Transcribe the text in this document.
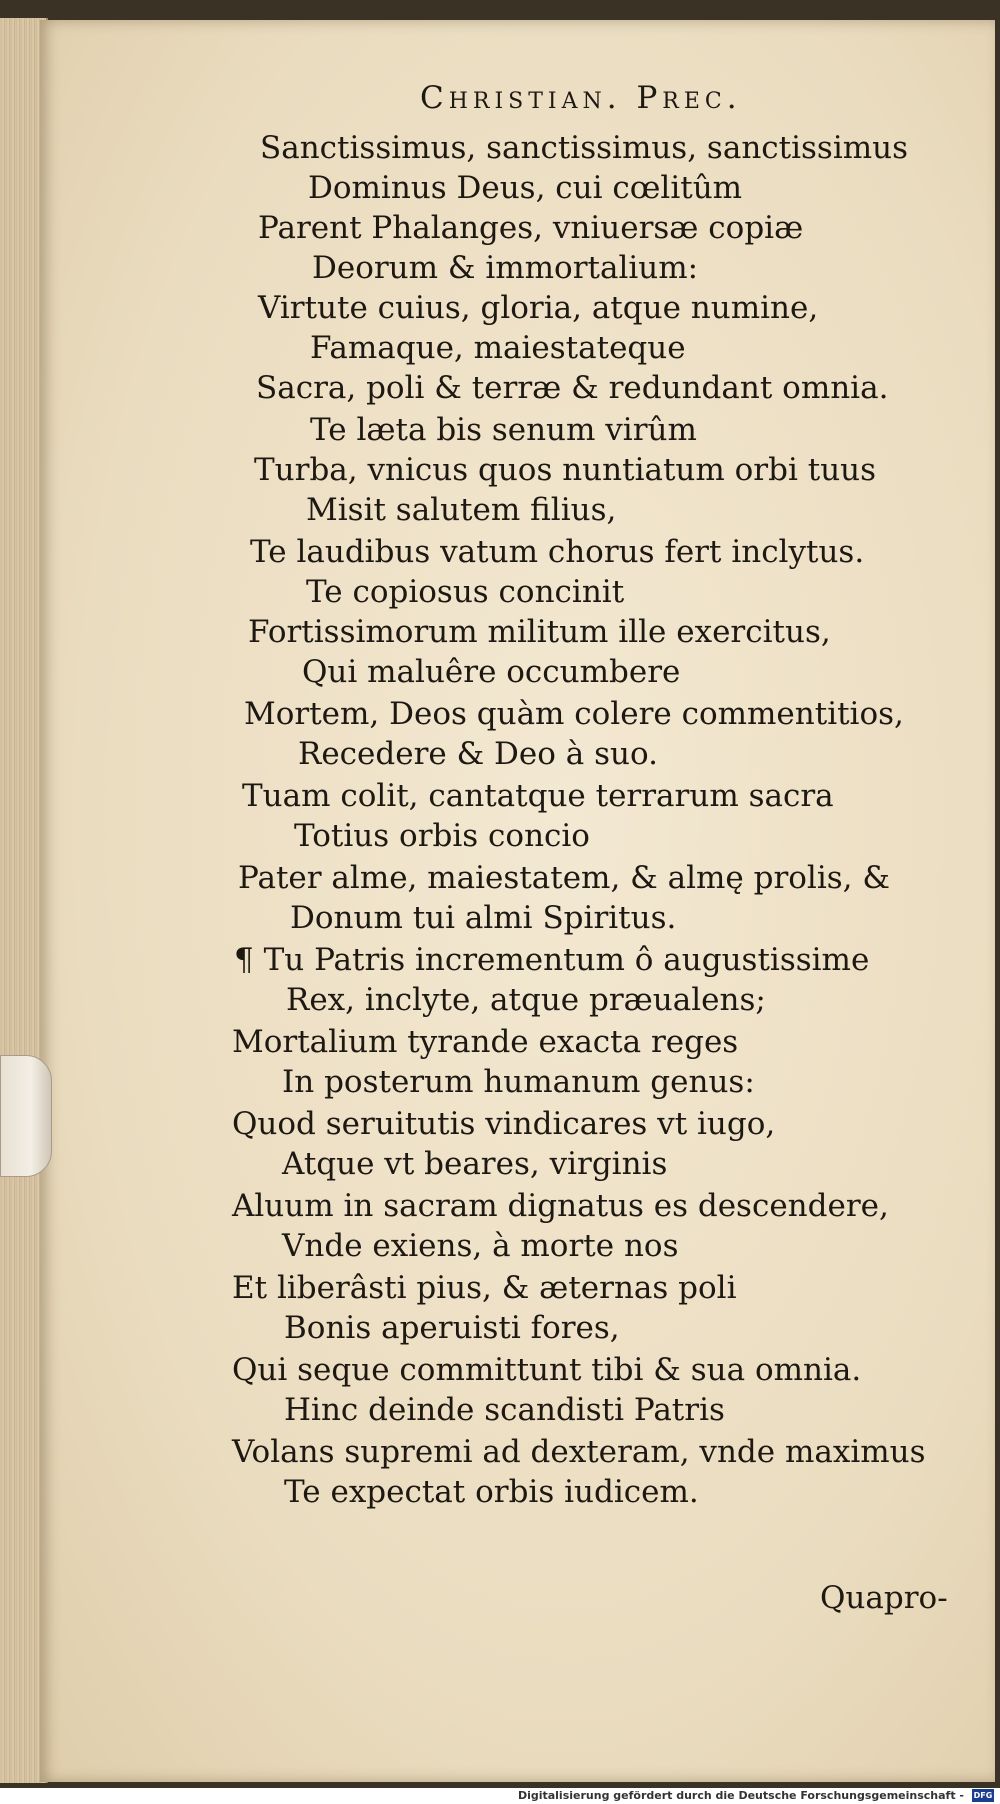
Christian. Prec.
Sanctissimus, sanctissimus, sanctissimus
Dominus Deus, cui cœlitûm
Parent Phalanges, vniuersæ copiæ
Deorum & immortalium:
Virtute cuius, gloria, atque numine,
Famaque, maiestateque
Sacra, poli & terræ & redundant omnia.
Te læta bis senum virûm
Turba, vnicus quos nuntiatum orbi tuus
Misit salutem filius,
Te laudibus vatum chorus fert inclytus.
Te copiosus concinit
Fortissimorum militum ille exercitus,
Qui maluêre occumbere
Mortem, Deos quàm colere commentitios,
Recedere & Deo à suo.
Tuam colit, cantatque terrarum sacra
Totius orbis concio
Pater alme, maiestatem, & almę prolis, &
Donum tui almi Spiritus.
¶ Tu Patris incrementum ô augustissime
Rex, inclyte, atque præualens;
Mortalium tyrande exacta reges
In posterum humanum genus:
Quod seruitutis vindicares vt iugo,
Atque vt beares, virginis
Aluum in sacram dignatus es descendere,
Vnde exiens, à morte nos
Et liberâsti pius, & æternas poli
Bonis aperuisti fores,
Qui seque committunt tibi & sua omnia.
Hinc deinde scandisti Patris
Volans supremi ad dexteram, vnde maximus
Te expectat orbis iudicem.
Quapro-
Digitalisierung gefördert durch die Deutsche Forschungsgemeinschaft - DFG
